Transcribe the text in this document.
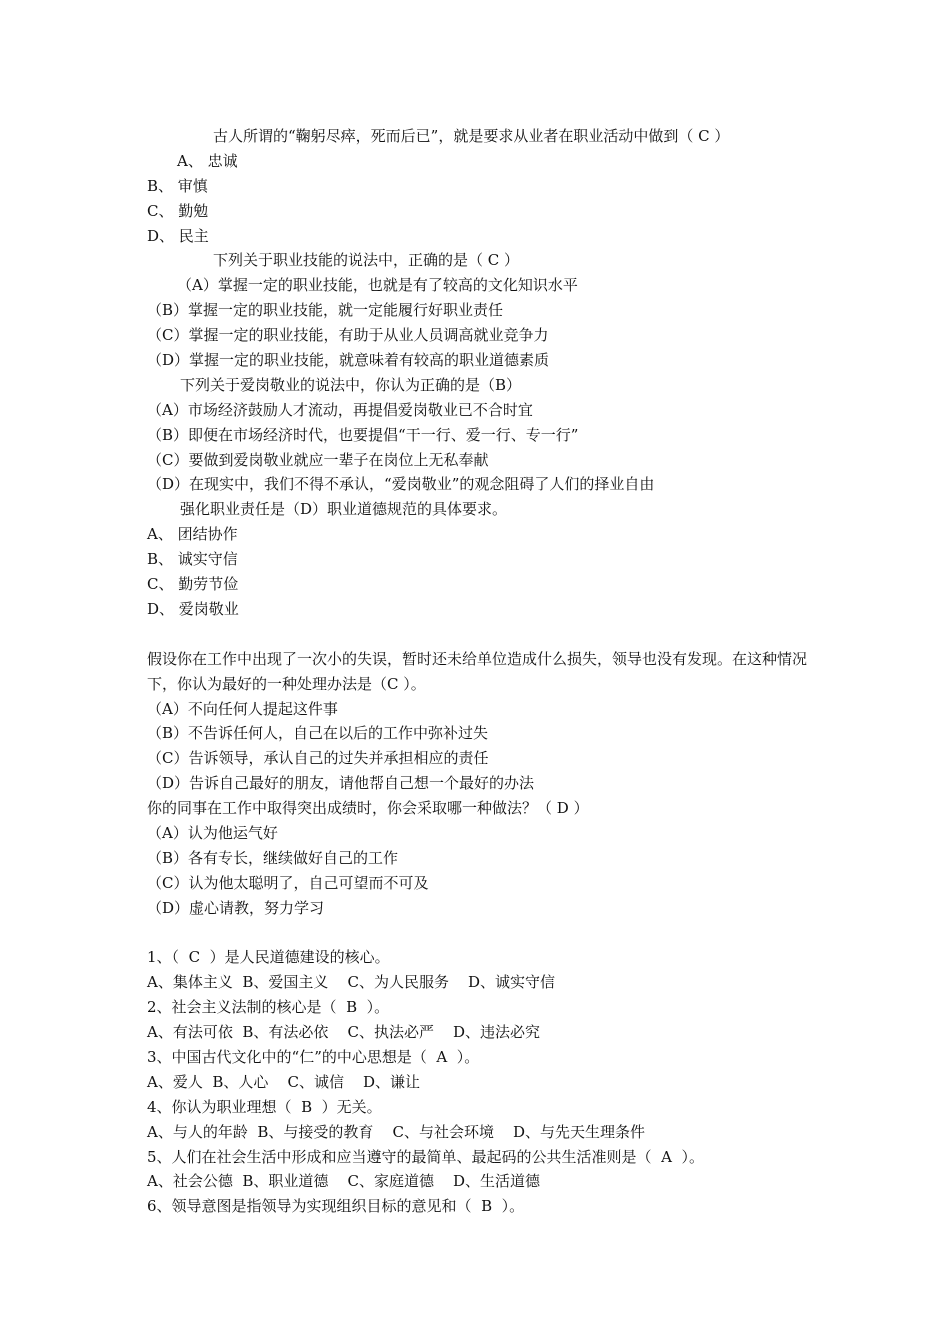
古人所谓的“鞠躬尽瘁，死而后已”，就是要求从业者在职业活动中做到（ C ）
A、 忠诚
B、 审慎
C、 勤勉
D、 民主
下列关于职业技能的说法中，正确的是（ C ）
（A）掌握一定的职业技能，也就是有了较高的文化知识水平
（B）掌握一定的职业技能，就一定能履行好职业责任
（C）掌握一定的职业技能，有助于从业人员调高就业竞争力
（D）掌握一定的职业技能，就意味着有较高的职业道德素质
下列关于爱岗敬业的说法中，你认为正确的是（B）
（A）市场经济鼓励人才流动，再提倡爱岗敬业已不合时宜
（B）即便在市场经济时代，也要提倡“干一行、爱一行、专一行”
（C）要做到爱岗敬业就应一辈子在岗位上无私奉献
（D）在现实中，我们不得不承认，“爱岗敬业”的观念阻碍了人们的择业自由
强化职业责任是（D）职业道德规范的具体要求。
A、 团结协作
B、 诚实守信
C、 勤劳节俭
D、 爱岗敬业
假设你在工作中出现了一次小的失误，暂时还未给单位造成什么损失，领导也没有发现。在这种情况下，你认为最好的一种处理办法是（C ）。
（A）不向任何人提起这件事
（B）不告诉任何人，自己在以后的工作中弥补过失
（C）告诉领导，承认自己的过失并承担相应的责任
（D）告诉自己最好的朋友，请他帮自己想一个最好的办法
你的同事在工作中取得突出成绩时，你会采取哪一种做法？（ D ）
（A）认为他运气好
（B）各有专长，继续做好自己的工作
（C）认为他太聪明了，自己可望而不可及
（D）虚心请教，努力学习
1、（  C  ）是人民道德建设的核心。
A、集体主义  B、爱国主义    C、为人民服务    D、诚实守信
2、社会主义法制的核心是（  B  ）。
A、有法可依  B、有法必依    C、执法必严    D、违法必究
3、中国古代文化中的“仁”的中心思想是（  A  ）。
A、爱人  B、人心    C、诚信    D、谦让
4、你认为职业理想（  B  ）无关。
A、与人的年龄  B、与接受的教育    C、与社会环境    D、与先天生理条件
5、人们在社会生活中形成和应当遵守的最简单、最起码的公共生活准则是（  A  ）。
A、社会公德  B、职业道德    C、家庭道德    D、生活道德
6、领导意图是指领导为实现组织目标的意见和（  B  ）。
